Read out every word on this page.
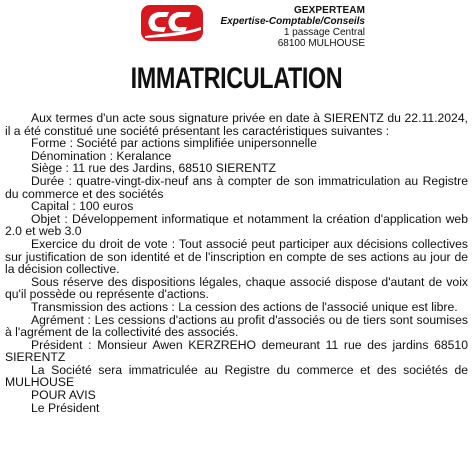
GEXPERTEAM
Expertise-Comptable/Conseils
1 passage Central
68100 MULHOUSE
IMMATRICULATION

Aux termes d'un acte sous signature privée en date à SIERENTZ du 22.11.2024, il a été constitué une société présentant les caractéristiques suivantes :

Forme : Société par actions simplifiée unipersonnelle

Dénomination : Keralance

Siège : 11 rue des Jardins, 68510 SIERENTZ

Durée : quatre-vingt-dix-neuf ans à compter de son immatriculation au Registre du commerce et des sociétés

Capital : 100 euros

Objet : Développement informatique et notamment la création d'application web 2.0 et web 3.0

Exercice du droit de vote : Tout associé peut participer aux décisions collectives sur justification de son identité et de l'inscription en compte de ses actions au jour de la décision collective.

Sous réserve des dispositions légales, chaque associé dispose d'autant de voix qu'il possède ou représente d'actions.

Transmission des actions : La cession des actions de l'associé unique est libre.

Agrément : Les cessions d'actions au profit d'associés ou de tiers sont soumises à l'agrément de la collectivité des associés.

Président : Monsieur Awen KERZREHO demeurant 11 rue des jardins 68510 SIERENTZ

La Société sera immatriculée au Registre du commerce et des sociétés de MULHOUSE

POUR AVIS

Le Président
